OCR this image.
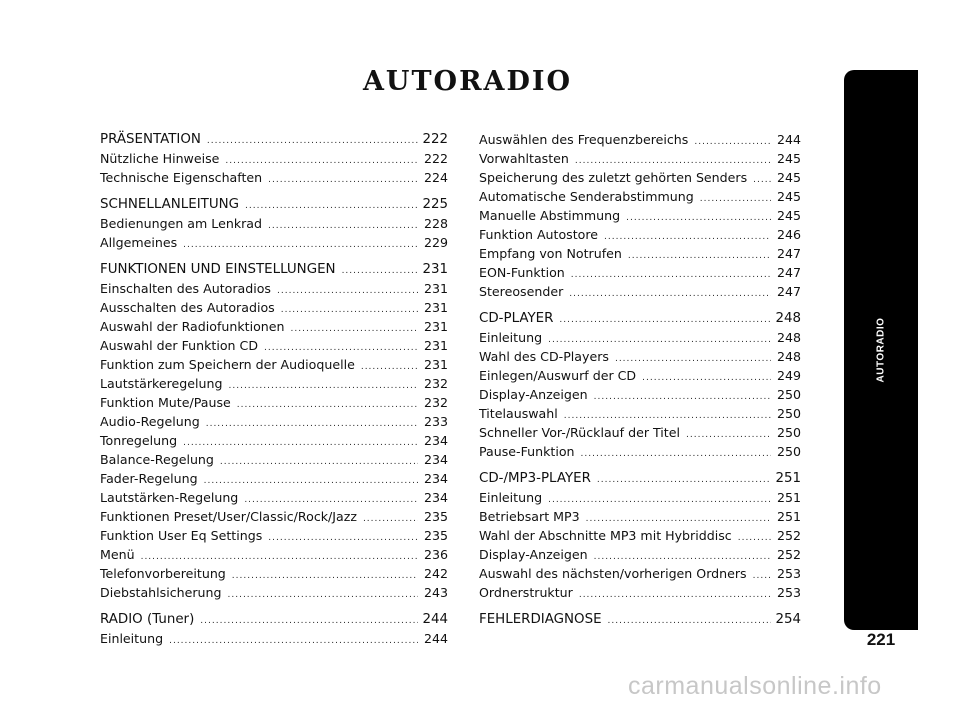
AUTORADIO
PRÄSENTATION .....	222
Nützliche Hinweise .....	222
Technische Eigenschaften .....	224
SCHNELLANLEITUNG .....	225
Bedienungen am Lenkrad .....	228
Allgemeines .....	229
FUNKTIONEN UND EINSTELLUNGEN .....	231
Einschalten des Autoradios .....	231
Ausschalten des Autoradios .....	231
Auswahl der Radiofunktionen .....	231
Auswahl der Funktion CD .....	231
Funktion zum Speichern der Audioquelle .....	231
Lautstärkeregelung .....	232
Funktion Mute/Pause .....	232
Audio-Regelung .....	233
Tonregelung .....	234
Balance-Regelung .....	234
Fader-Regelung .....	234
Lautstärken-Regelung .....	234
Funktionen Preset/User/Classic/Rock/Jazz .....	235
Funktion User Eq Settings .....	235
Menü .....	236
Telefonvorbereitung .....	242
Diebstahlsicherung .....	243
RADIO (Tuner) .....	244
Einleitung .....	244
Auswählen des Frequenzbereichs .....	244
Vorwahltasten .....	245
Speicherung des zuletzt gehörten Senders ..... 245
Automatische Senderabstimmung .....	245
Manuelle Abstimmung .....	245
Funktion Autostore .....	246
Empfang von Notrufen .....	247
EON-Funktion .....	247
Stereosender .....	247
CD-PLAYER .....	248
Einleitung .....	248
Wahl des CD-Players .....	248
Einlegen/Auswurf der CD .....	249
Display-Anzeigen .....	250
Titelauswahl .....	250
Schneller Vor-/Rücklauf der Titel .....	250
Pause-Funktion .....	250
CD-/MP3-PLAYER .....	251
Einleitung .....	251
Betriebsart MP3 .....	251
Wahl der Abschnitte MP3 mit Hybriddisc .....	252
Display-Anzeigen .....	252
Auswahl des nächsten/vorherigen Ordners ..... 253
Ordnerstruktur .....	253
FEHLERDIAGNOSE .....	254
AUTORADIO
221
carmanualsonline.info
